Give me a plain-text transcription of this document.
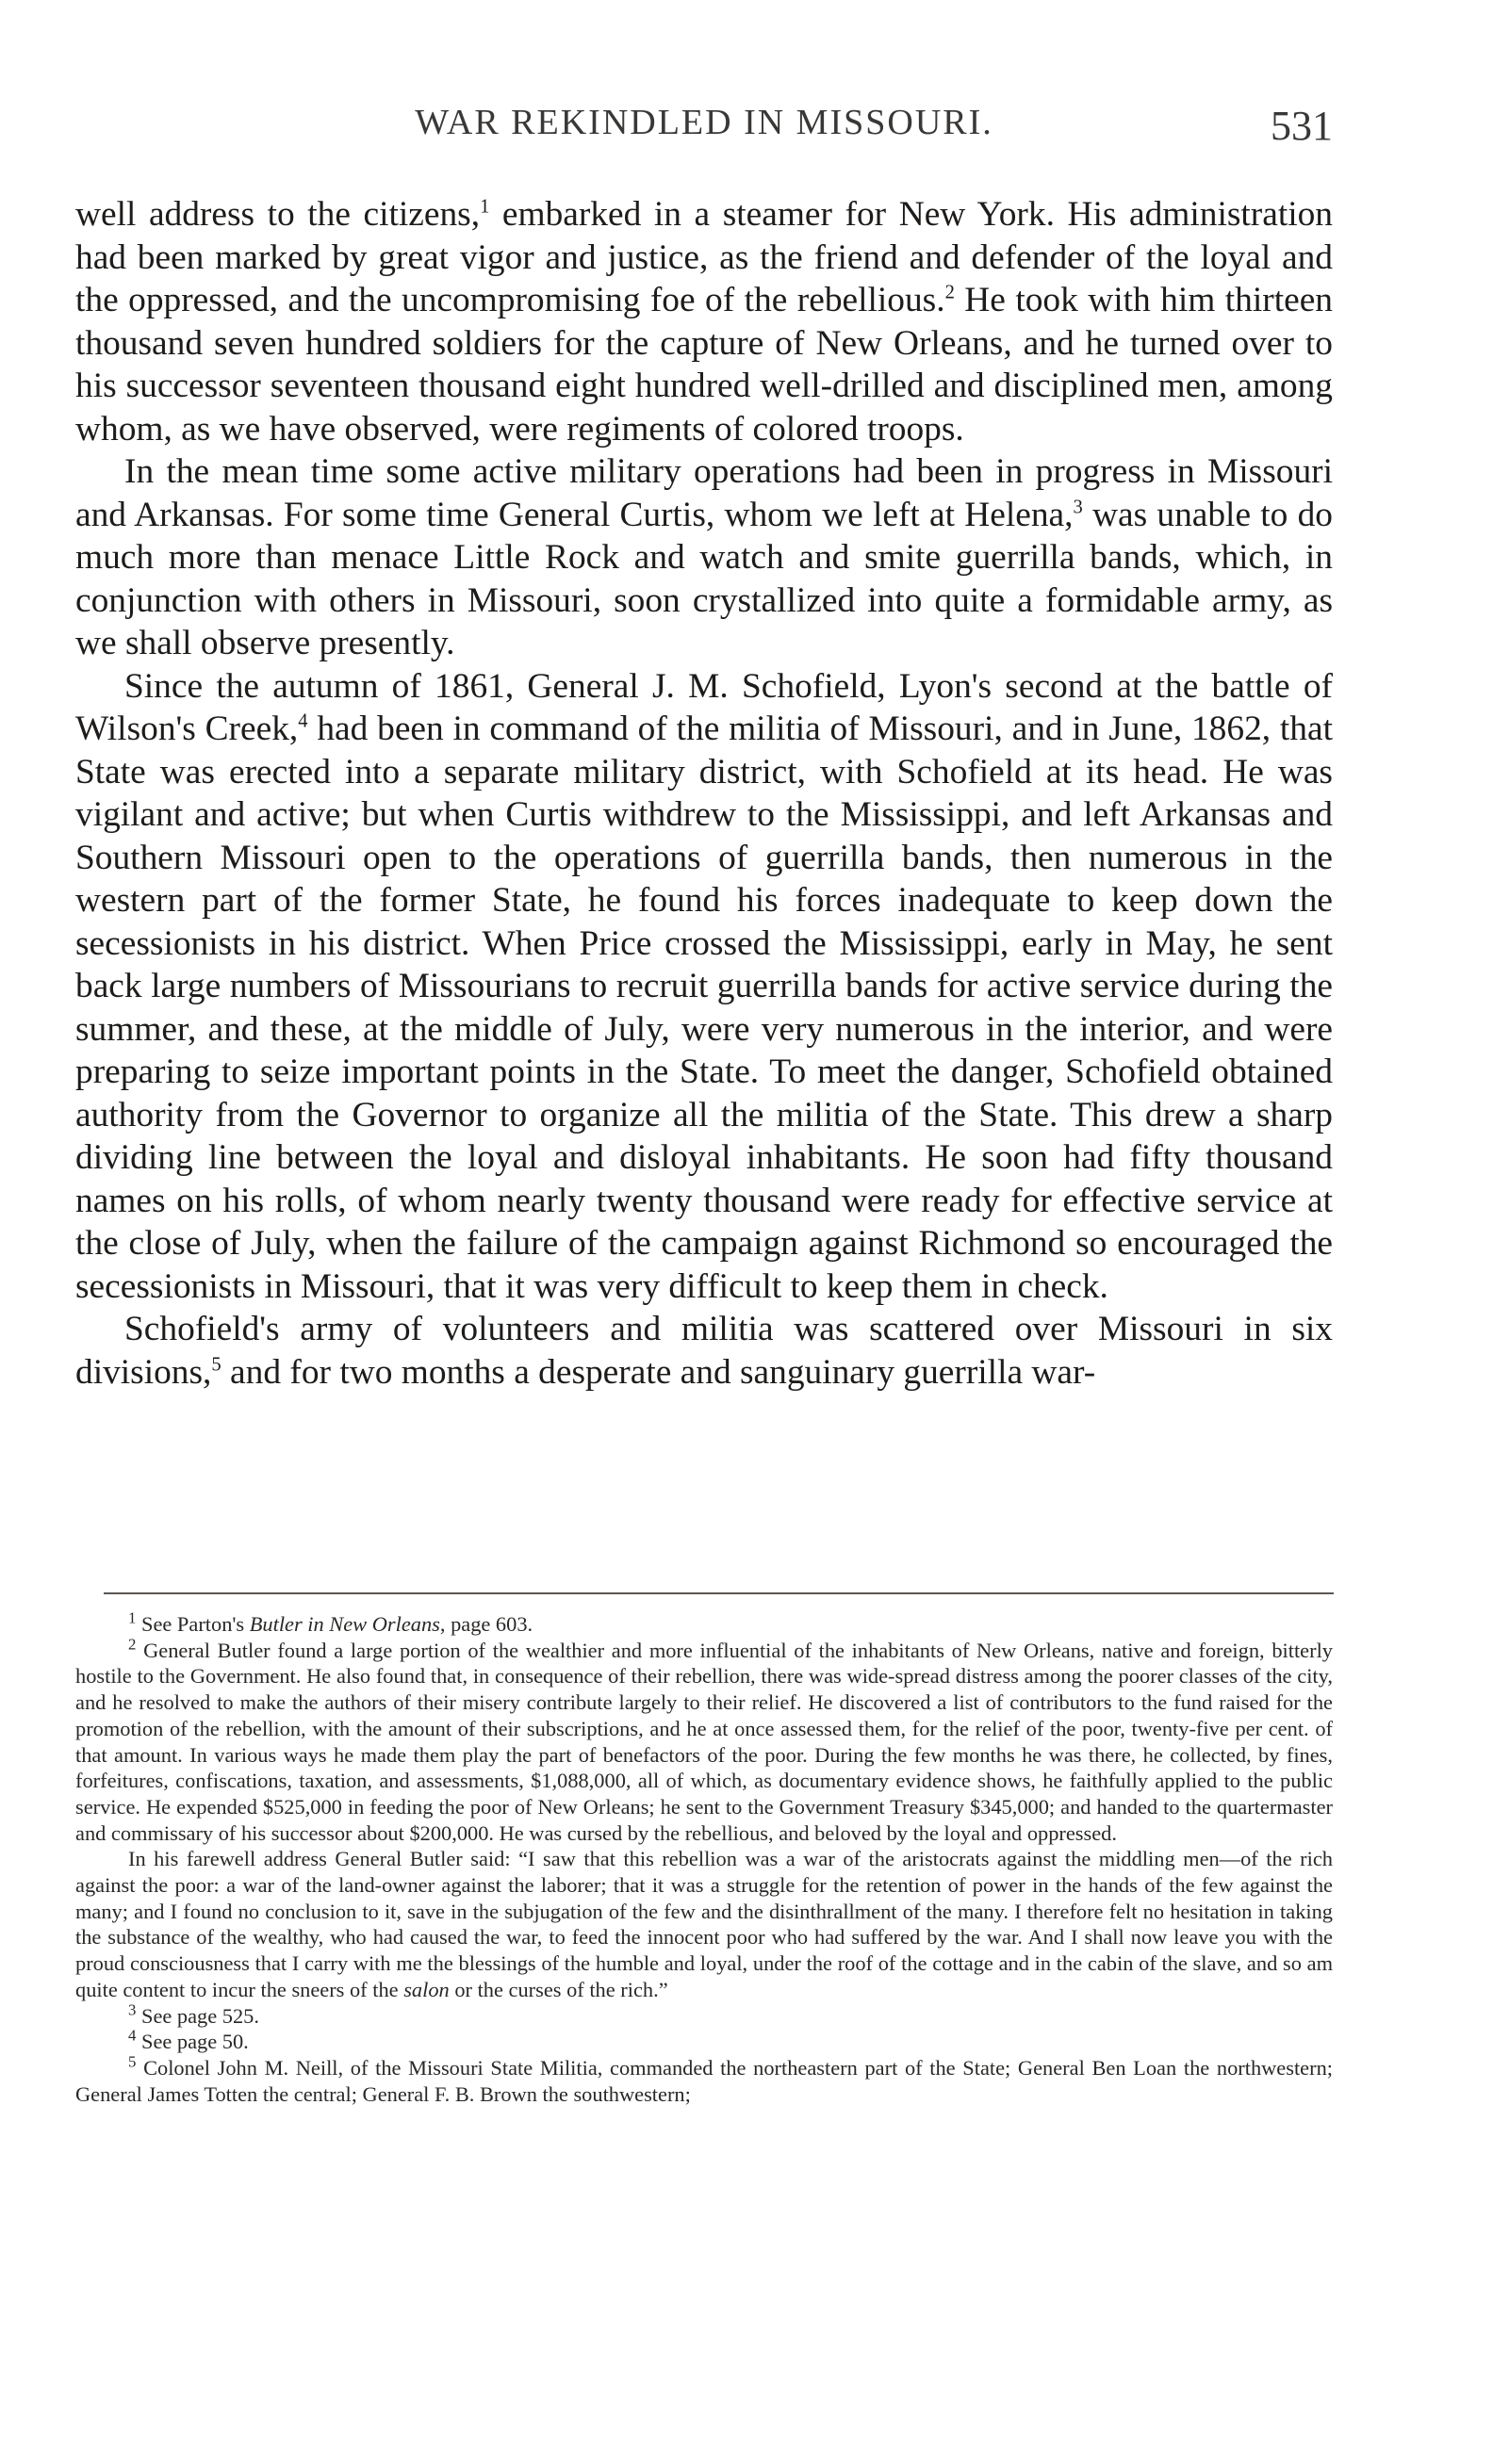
WAR REKINDLED IN MISSOURI.	531

well address to the citizens,$^1$ embarked in a steamer for New York. His administration had been marked by great vigor and justice, as the friend and defender of the loyal and the oppressed, and the uncompromising foe of the rebellious.$^2$ He took with him thirteen thousand seven hundred soldiers for the capture of New Orleans, and he turned over to his successor seventeen thousand eight hundred well-drilled and disciplined men, among whom, as we have observed, were regiments of colored troops.

In the mean time some active military operations had been in progress in Missouri and Arkansas. For some time General Curtis, whom we left at Helena,$^3$ was unable to do much more than menace Little Rock and watch and smite guerrilla bands, which, in conjunction with others in Missouri, soon crystallized into quite a formidable army, as we shall observe presently.

Since the autumn of 1861, General J. M. Schofield, Lyon's second at the battle of Wilson's Creek,$^4$ had been in command of the militia of Missouri, and in June, 1862, that State was erected into a separate military district, with Schofield at its head. He was vigilant and active; but when Curtis withdrew to the Mississippi, and left Arkansas and Southern Missouri open to the operations of guerrilla bands, then numerous in the western part of the former State, he found his forces inadequate to keep down the secessionists in his district. When Price crossed the Mississippi, early in May, he sent back large numbers of Missourians to recruit guerrilla bands for active service during the summer, and these, at the middle of July, were very numerous in the interior, and were preparing to seize important points in the State. To meet the danger, Schofield obtained authority from the Governor to organize all the militia of the State. This drew a sharp dividing line between the loyal and disloyal inhabitants. He soon had fifty thousand names on his rolls, of whom nearly twenty thousand were ready for effective service at the close of July, when the failure of the campaign against Richmond so encouraged the secessionists in Missouri, that it was very difficult to keep them in check.

Schofield's army of volunteers and militia was scattered over Missouri in six divisions,$^5$ and for two months a desperate and sanguinary guerrilla war-

$^1$ See Parton's Butler in New Orleans, page 603.

$^2$ General Butler found a large portion of the wealthier and more influential of the inhabitants of New Orleans, native and foreign, bitterly hostile to the Government. He also found that, in consequence of their rebellion, there was wide-spread distress among the poorer classes of the city, and he resolved to make the authors of their misery contribute largely to their relief. He discovered a list of contributors to the fund raised for the promotion of the rebellion, with the amount of their subscriptions, and he at once assessed them, for the relief of the poor, twenty-five per cent. of that amount. In various ways he made them play the part of benefactors of the poor. During the few months he was there, he collected, by fines, forfeitures, confiscations, taxation, and assessments, $1,088,000, all of which, as documentary evidence shows, he faithfully applied to the public service. He expended $525,000 in feeding the poor of New Orleans; he sent to the Government Treasury $345,000; and handed to the quartermaster and commissary of his successor about $200,000. He was cursed by the rebellious, and beloved by the loyal and oppressed.

In his farewell address General Butler said: “I saw that this rebellion was a war of the aristocrats against the middling men—of the rich against the poor: a war of the land-owner against the laborer; that it was a struggle for the retention of power in the hands of the few against the many; and I found no conclusion to it, save in the subjugation of the few and the disinthrallment of the many. I therefore felt no hesitation in taking the substance of the wealthy, who had caused the war, to feed the innocent poor who had suffered by the war. And I shall now leave you with the proud consciousness that I carry with me the blessings of the humble and loyal, under the roof of the cottage and in the cabin of the slave, and so am quite content to incur the sneers of the salon or the curses of the rich.”

$^3$ See page 525.

$^4$ See page 50.

$^5$ Colonel John M. Neill, of the Missouri State Militia, commanded the northeastern part of the State; General Ben Loan the northwestern; General James Totten the central; General F. B. Brown the southwestern;
